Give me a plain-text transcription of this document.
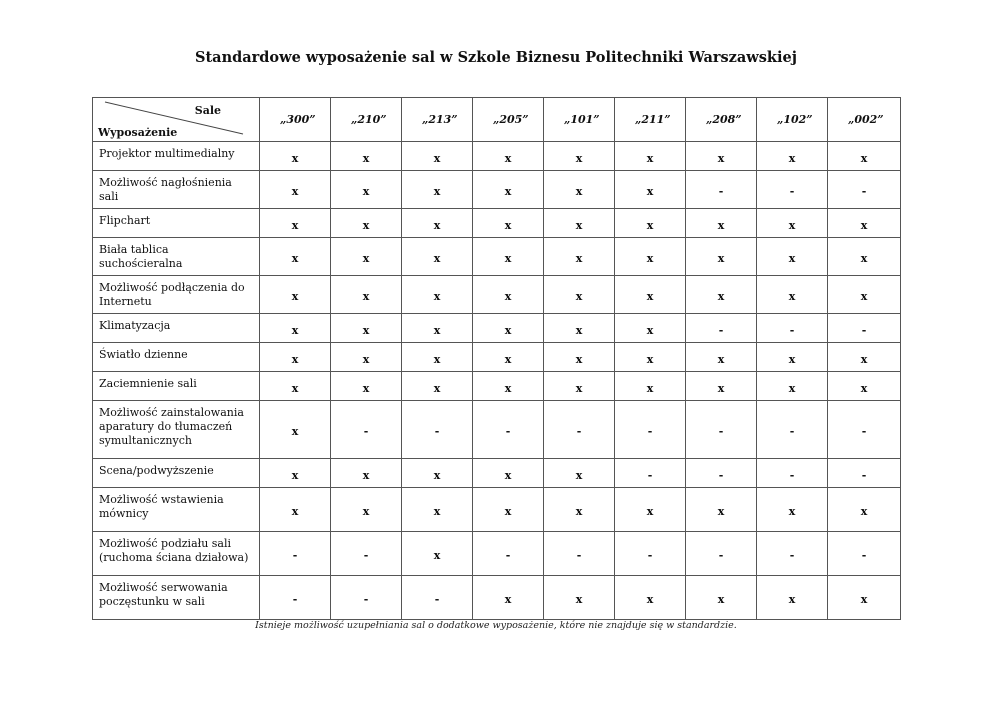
Standardowe wyposażenie sal w Szkole Biznesu Politechniki Warszawskiej
Sale
Wyposażenie	„300”	„210”	„213”	„205”	„101”	„211”	„208”	„102”	„002”
Projektor multimedialny	x	x	x	x	x	x	x	x	x
Możliwość nagłośnienia sali	x	x	x	x	x	x	-	-	-
Flipchart	x	x	x	x	x	x	x	x	x
Biała tablica suchościeralna	x	x	x	x	x	x	x	x	x
Możliwość podłączenia do Internetu	x	x	x	x	x	x	x	x	x
Klimatyzacja	x	x	x	x	x	x	-	-	-
Światło dzienne	x	x	x	x	x	x	x	x	x
Zaciemnienie sali	x	x	x	x	x	x	x	x	x
Możliwość zainstalowania aparatury do tłumaczeń symultanicznych	x	-	-	-	-	-	-	-	-
Scena/podwyższenie	x	x	x	x	x	-	-	-	-
Możliwość wstawienia mównicy	x	x	x	x	x	x	x	x	x
Możliwość podziału sali (ruchoma ściana działowa)	-	-	x	-	-	-	-	-	-
Możliwość serwowania poczęstunku w sali	-	-	-	x	x	x	x	x	x
Istnieje możliwość uzupełniania sal o dodatkowe wyposażenie, które nie znajduje się w standardzie.
